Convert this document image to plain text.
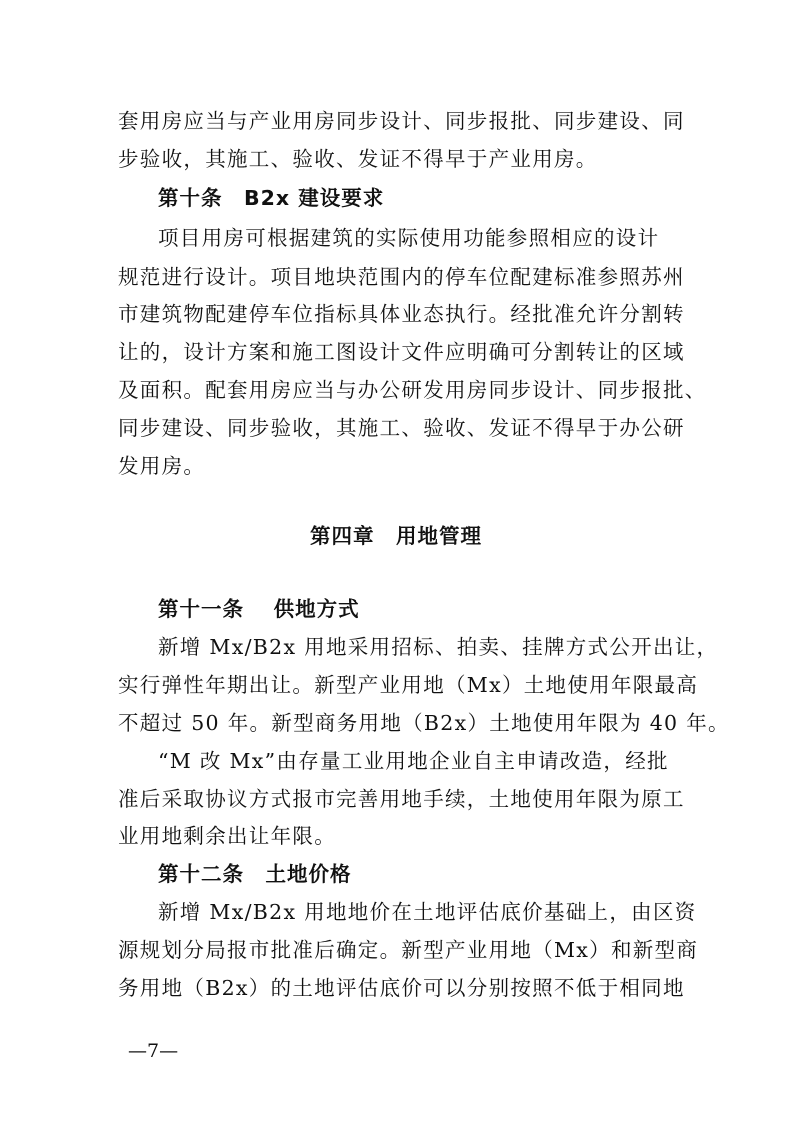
套用房应当与产业用房同步设计、同步报批、同步建设、同
步验收，其施工、验收、发证不得早于产业用房。
第十条　B2x 建设要求
项目用房可根据建筑的实际使用功能参照相应的设计
规范进行设计。项目地块范围内的停车位配建标准参照苏州
市建筑物配建停车位指标具体业态执行。经批准允许分割转
让的，设计方案和施工图设计文件应明确可分割转让的区域
及面积。配套用房应当与办公研发用房同步设计、同步报批、
同步建设、同步验收，其施工、验收、发证不得早于办公研
发用房。
第四章　用地管理
第十一条　 供地方式
新增 Mx/B2x 用地采用招标、拍卖、挂牌方式公开出让，
实行弹性年期出让。新型产业用地（Mx）土地使用年限最高
不超过 50 年。新型商务用地（B2x）土地使用年限为 40 年。
“M 改 Mx”由存量工业用地企业自主申请改造，经批
准后采取协议方式报市完善用地手续，土地使用年限为原工
业用地剩余出让年限。
第十二条　土地价格
新增 Mx/B2x 用地地价在土地评估底价基础上，由区资
源规划分局报市批准后确定。新型产业用地（Mx）和新型商
务用地（B2x）的土地评估底价可以分别按照不低于相同地
—7—
